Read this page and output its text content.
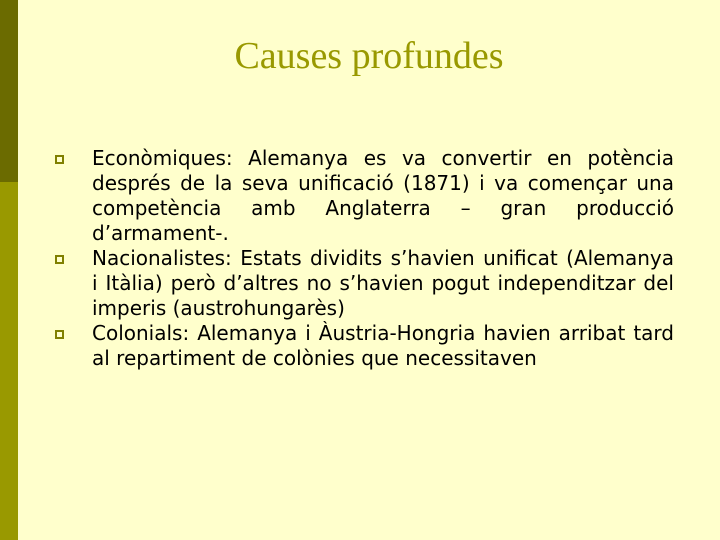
Causes profundes
Econòmiques: Alemanya es va convertir en potència després de la seva unificació (1871) i va començar una competència amb Anglaterra – gran producció d’armament-.
Nacionalistes: Estats dividits s’havien unificat (Alemanya i Itàlia) però d’altres no s’havien pogut independitzar del imperis (austrohungarès)
Colonials: Alemanya i Àustria-Hongria havien arribat tard al repartiment de colònies que necessitaven
